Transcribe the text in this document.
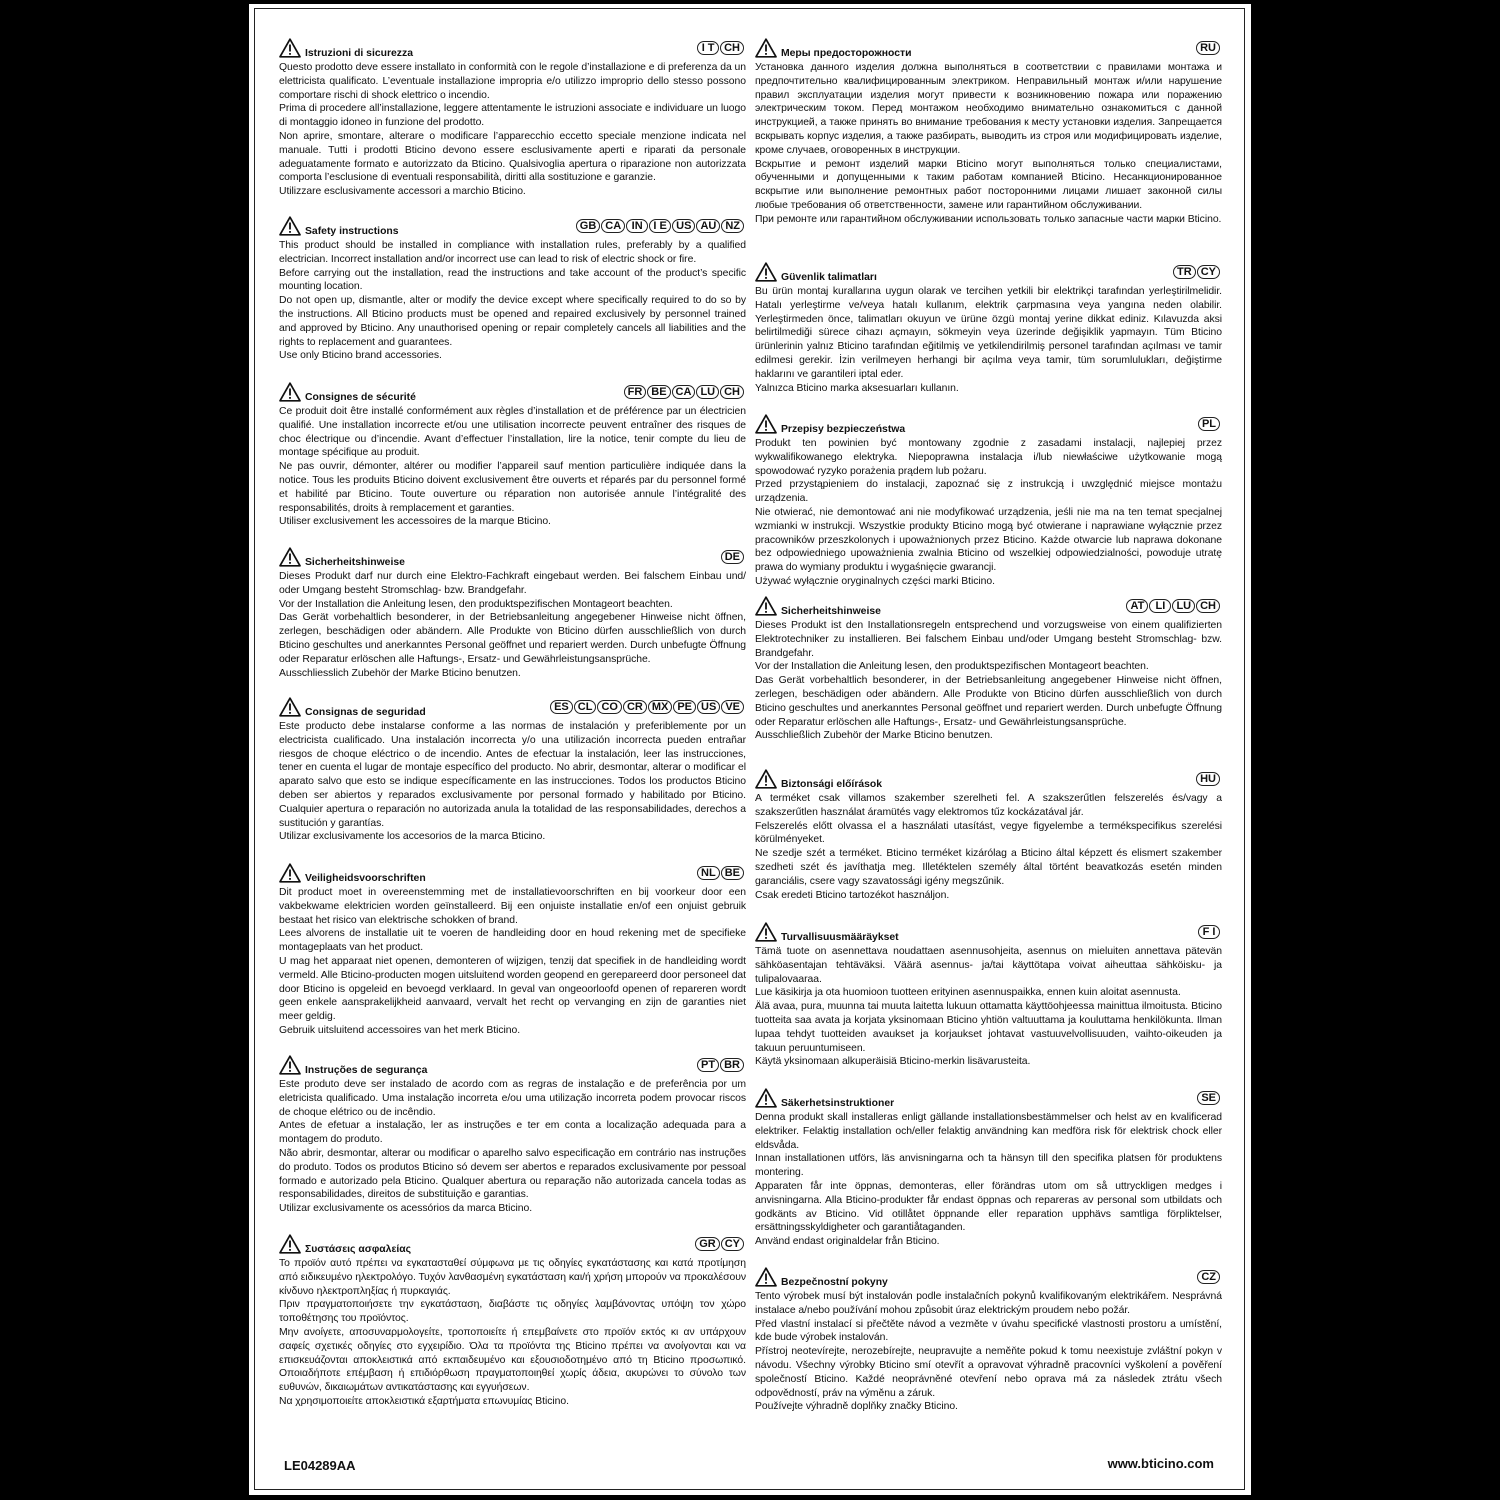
Istruzioni di sicurezza	I T CH

Questo prodotto deve essere installato in conformità con le regole d’installazione e di preferenza da un elettricista qualificato. L’eventuale installazione impropria e/o utilizzo improprio dello stesso possono comportare rischi di shock elettrico o incendio.

Prima di procedere all’installazione, leggere attentamente le istruzioni associate e individuare un luogo di montaggio idoneo in funzione del prodotto.

Non aprire, smontare, alterare o modificare l’apparecchio eccetto speciale menzione indicata nel manuale. Tutti i prodotti Bticino devono essere esclusivamente aperti e riparati da personale adeguatamente formato e autorizzato da Bticino. Qualsivoglia apertura o riparazione non autorizzata comporta l’esclusione di eventuali responsabilità, diritti alla sostituzione e garanzie.

Utilizzare esclusivamente accessori a marchio Bticino.

Safety instructions	GB CA IN I E US AU NZ

This product should be installed in compliance with installation rules, preferably by a qualified electrician. Incorrect installation and/or incorrect use can lead to risk of electric shock or fire.

Before carrying out the installation, read the instructions and take account of the product’s specific mounting location.

Do not open up, dismantle, alter or modify the device except where specifically required to do so by the instructions. All Bticino products must be opened and repaired exclusively by personnel trained and approved by Bticino. Any unauthorised opening or repair completely cancels all liabilities and the rights to replacement and guarantees.

Use only Bticino brand accessories.

Consignes de sécurité	FR BE CA LU CH

Ce produit doit être installé conformément aux règles d’installation et de préférence par un électricien qualifié. Une installation incorrecte et/ou une utilisation incorrecte peuvent entraîner des risques de choc électrique ou d’incendie. Avant d’effectuer l’installation, lire la notice, tenir compte du lieu de montage spécifique au produit.

Ne pas ouvrir, démonter, altérer ou modifier l’appareil sauf mention particulière indiquée dans la notice. Tous les produits Bticino doivent exclusivement être ouverts et réparés par du personnel formé et habilité par Bticino. Toute ouverture ou réparation non autorisée annule l’intégralité des responsabilités, droits à remplacement et garanties.

Utiliser exclusivement les accessoires de la marque Bticino.

Sicherheitshinweise	DE

Dieses Produkt darf nur durch eine Elektro-Fachkraft eingebaut werden. Bei falschem Einbau und/ oder Umgang besteht Stromschlag- bzw. Brandgefahr.

Vor der Installation die Anleitung lesen, den produktspezifischen Montageort beachten.

Das Gerät vorbehaltlich besonderer, in der Betriebsanleitung angegebener Hinweise nicht öffnen, zerlegen, beschädigen oder abändern. Alle Produkte von Bticino dürfen ausschließlich von durch Bticino geschultes und anerkanntes Personal geöffnet und repariert werden. Durch unbefugte Öffnung oder Reparatur erlöschen alle Haftungs-, Ersatz- und Gewährleistungsansprüche.

Ausschliesslich Zubehör der Marke Bticino benutzen.

Consignas de seguridad	ES CL CO CR MX PE US VE

Este producto debe instalarse conforme a las normas de instalación y preferiblemente por un electricista cualificado. Una instalación incorrecta y/o una utilización incorrecta pueden entrañar riesgos de choque eléctrico o de incendio. Antes de efectuar la instalación, leer las instrucciones, tener en cuenta el lugar de montaje específico del producto. No abrir, desmontar, alterar o modificar el aparato salvo que esto se indique específicamente en las instrucciones. Todos los productos Bticino deben ser abiertos y reparados exclusivamente por personal formado y habilitado por Bticino. Cualquier apertura o reparación no autorizada anula la totalidad de las responsabilidades, derechos a sustitución y garantías.

Utilizar exclusivamente los accesorios de la marca Bticino.

Veiligheidsvoorschriften	NL BE

Dit product moet in overeenstemming met de installatievoorschriften en bij voorkeur door een vakbekwame elektricien worden geïnstalleerd. Bij een onjuiste installatie en/of een onjuist gebruik bestaat het risico van elektrische schokken of brand.

Lees alvorens de installatie uit te voeren de handleiding door en houd rekening met de specifieke montageplaats van het product.

U mag het apparaat niet openen, demonteren of wijzigen, tenzij dat specifiek in de handleiding wordt vermeld. Alle Bticino-producten mogen uitsluitend worden geopend en gerepareerd door personeel dat door Bticino is opgeleid en bevoegd verklaard. In geval van ongeoorloofd openen of repareren wordt geen enkele aansprakelijkheid aanvaard, vervalt het recht op vervanging en zijn de garanties niet meer geldig.

Gebruik uitsluitend accessoires van het merk Bticino.

Instruções de segurança	PT BR

Este produto deve ser instalado de acordo com as regras de instalação e de preferência por um eletricista qualificado. Uma instalação incorreta e/ou uma utilização incorreta podem provocar riscos de choque elétrico ou de incêndio.

Antes de efetuar a instalação, ler as instruções e ter em conta a localização adequada para a montagem do produto.

Não abrir, desmontar, alterar ou modificar o aparelho salvo especificação em contrário nas instruções do produto. Todos os produtos Bticino só devem ser abertos e reparados exclusivamente por pessoal formado e autorizado pela Bticino. Qualquer abertura ou reparação não autorizada cancela todas as responsabilidades, direitos de substituição e garantias.

Utilizar exclusivamente os acessórios da marca Bticino.

Συστάσεις ασφαλείας	GR CY

Το προϊόν αυτό πρέπει να εγκατασταθεί σύμφωνα με τις οδηγίες εγκατάστασης και κατά προτίμηση από ειδικευμένο ηλεκτρολόγο. Τυχόν λανθασμένη εγκατάσταση και/ή χρήση μπορούν να προκαλέσουν κίνδυνο ηλεκτροπληξίας ή πυρκαγιάς.

Πριν πραγματοποιήσετε την εγκατάσταση, διαβάστε τις οδηγίες λαμβάνοντας υπόψη τον χώρο τοποθέτησης του προϊόντος.

Μην ανοίγετε, αποσυναρμολογείτε, τροποποιείτε ή επεμβαίνετε στο προϊόν εκτός κι αν υπάρχουν σαφείς σχετικές οδηγίες στο εγχειρίδιο. Όλα τα προϊόντα της Bticino πρέπει να ανοίγονται και να επισκευάζονται αποκλειστικά από εκπαιδευμένο και εξουσιοδοτημένο από τη Bticino προσωπικό. Οποιαδήποτε επέμβαση ή επιδιόρθωση πραγματοποιηθεί χωρίς άδεια, ακυρώνει το σύνολο των ευθυνών, δικαιωμάτων αντικατάστασης και εγγυήσεων.

Να χρησιμοποιείτε αποκλειστικά εξαρτήματα επωνυμίας Bticino.

Меры предосторожности	RU

Установка данного изделия должна выполняться в соответствии с правилами монтажа и предпочтительно квалифицированным электриком. Неправильный монтаж и/или нарушение правил эксплуатации изделия могут привести к возникновению пожара или поражению электрическим током. Перед монтажом необходимо внимательно ознакомиться с данной инструкцией, а также принять во внимание требования к месту установки изделия. Запрещается вскрывать корпус изделия, а также разбирать, выводить из строя или модифицировать изделие, кроме случаев, оговоренных в инструкции.

Вскрытие и ремонт изделий марки Bticino могут выполняться только специалистами, обученными и допущенными к таким работам компанией Bticino. Несанкционированное вскрытие или выполнение ремонтных работ посторонними лицами лишает законной силы любые требования об ответственности, замене или гарантийном обслуживании.

При ремонте или гарантийном обслуживании использовать только запасные части марки Bticino.

Güvenlik talimatları	TR CY

Bu ürün montaj kurallarına uygun olarak ve tercihen yetkili bir elektrikçi tarafından yerleştirilmelidir. Hatalı yerleştirme ve/veya hatalı kullanım, elektrik çarpmasına veya yangına neden olabilir. Yerleştirmeden önce, talimatları okuyun ve ürüne özgü montaj yerine dikkat ediniz. Kılavuzda aksi belirtilmediği sürece cihazı açmayın, sökmeyin veya üzerinde değişiklik yapmayın. Tüm Bticino ürünlerinin yalnız Bticino tarafından eğitilmiş ve yetkilendirilmiş personel tarafından açılması ve tamir edilmesi gerekir. İzin verilmeyen herhangi bir açılma veya tamir, tüm sorumlulukları, değiştirme haklarını ve garantileri iptal eder.

Yalnızca Bticino marka aksesuarları kullanın.

Przepisy bezpieczeństwa	PL

Produkt ten powinien być montowany zgodnie z zasadami instalacji, najlepiej przez wykwalifikowanego elektryka. Niepoprawna instalacja i/lub niewłaściwe użytkowanie mogą spowodować ryzyko porażenia prądem lub pożaru.

Przed przystąpieniem do instalacji, zapoznać się z instrukcją i uwzględnić miejsce montażu urządzenia.

Nie otwierać, nie demontować ani nie modyfikować urządzenia, jeśli nie ma na ten temat specjalnej wzmianki w instrukcji. Wszystkie produkty Bticino mogą być otwierane i naprawiane wyłącznie przez pracowników przeszkolonych i upoważnionych przez Bticino. Każde otwarcie lub naprawa dokonane bez odpowiedniego upoważnienia zwalnia Bticino od wszelkiej odpowiedzialności, powoduje utratę prawa do wymiany produktu i wygaśnięcie gwarancji.

Używać wyłącznie oryginalnych części marki Bticino.

Sicherheitshinweise	AT	LI	LU CH

Dieses Produkt ist den Installationsregeln entsprechend und vorzugsweise von einem qualifizierten Elektrotechniker zu installieren. Bei falschem Einbau und/oder Umgang besteht Stromschlag- bzw. Brandgefahr.

Vor der Installation die Anleitung lesen, den produktspezifischen Montageort beachten.

Das Gerät vorbehaltlich besonderer, in der Betriebsanleitung angegebener Hinweise nicht öffnen, zerlegen, beschädigen oder abändern. Alle Produkte von Bticino dürfen ausschließlich von durch Bticino geschultes und anerkanntes Personal geöffnet und repariert werden. Durch unbefugte Öffnung oder Reparatur erlöschen alle Haftungs-, Ersatz- und Gewährleistungsansprüche.

Ausschließlich Zubehör der Marke Bticino benutzen.

Biztonsági előírások	HU

A terméket csak villamos szakember szerelheti fel. A szakszerűtlen felszerelés és/vagy a szakszerűtlen használat áramütés vagy elektromos tűz kockázatával jár.

Felszerelés előtt olvassa el a használati utasítást, vegye figyelembe a termékspecifikus szerelési körülményeket.

Ne szedje szét a terméket. Bticino terméket kizárólag a Bticino által képzett és elismert szakember szedheti szét és javíthatja meg. Illetéktelen személy által történt beavatkozás esetén minden garanciális, csere vagy szavatossági igény megszűnik.

Csak eredeti Bticino tartozékot használjon.

Turvallisuusmääräykset	F I

Tämä tuote on asennettava noudattaen asennusohjeita, asennus on mieluiten annettava pätevän sähköasentajan tehtäväksi. Väärä asennus- ja/tai käyttötapa voivat aiheuttaa sähköisku- ja tulipalovaaraa.

Lue käsikirja ja ota huomioon tuotteen erityinen asennuspaikka, ennen kuin aloitat asennusta.

Älä avaa, pura, muunna tai muuta laitetta lukuun ottamatta käyttöohjeessa mainittua ilmoitusta. Bticino tuotteita saa avata ja korjata yksinomaan Bticino yhtiön valtuuttama ja kouluttama henkilökunta. Ilman lupaa tehdyt tuotteiden avaukset ja korjaukset johtavat vastuuvelvollisuuden, vaihto-oikeuden ja takuun peruuntumiseen.

Käytä yksinomaan alkuperäisiä Bticino-merkin lisävarusteita.

Säkerhetsinstruktioner	SE

Denna produkt skall installeras enligt gällande installationsbestämmelser och helst av en kvalificerad elektriker. Felaktig installation och/eller felaktig användning kan medföra risk för elektrisk chock eller eldsvåda.

Innan installationen utförs, läs anvisningarna och ta hänsyn till den specifika platsen för produktens montering.

Apparaten får inte öppnas, demonteras, eller förändras utom om så uttryckligen medges i anvisningarna. Alla Bticino-produkter får endast öppnas och repareras av personal som utbildats och godkänts av Bticino. Vid otillåtet öppnande eller reparation upphävs samtliga förpliktelser, ersättningsskyldigheter och garantiåtaganden.

Använd endast originaldelar från Bticino.

Bezpečnostní pokyny	CZ

Tento výrobek musí být instalován podle instalačních pokynů kvalifikovaným elektrikářem. Nesprávná instalace a/nebo používání mohou způsobit úraz elektrickým proudem nebo požár.

Před vlastní instalací si přečtěte návod a vezměte v úvahu specifické vlastnosti prostoru a umístění, kde bude výrobek instalován.

Přístroj neotevírejte, nerozebírejte, neupravujte a neměňte pokud k tomu neexistuje zvláštní pokyn v návodu. Všechny výrobky Bticino smí otevřít a opravovat výhradně pracovníci vyškolení a pověření společností Bticino. Každé neoprávněné otevření nebo oprava má za následek ztrátu všech odpovědností, práv na výměnu a záruk.

Používejte výhradně doplňky značky Bticino.

LE04289AA	www.bticino.com
